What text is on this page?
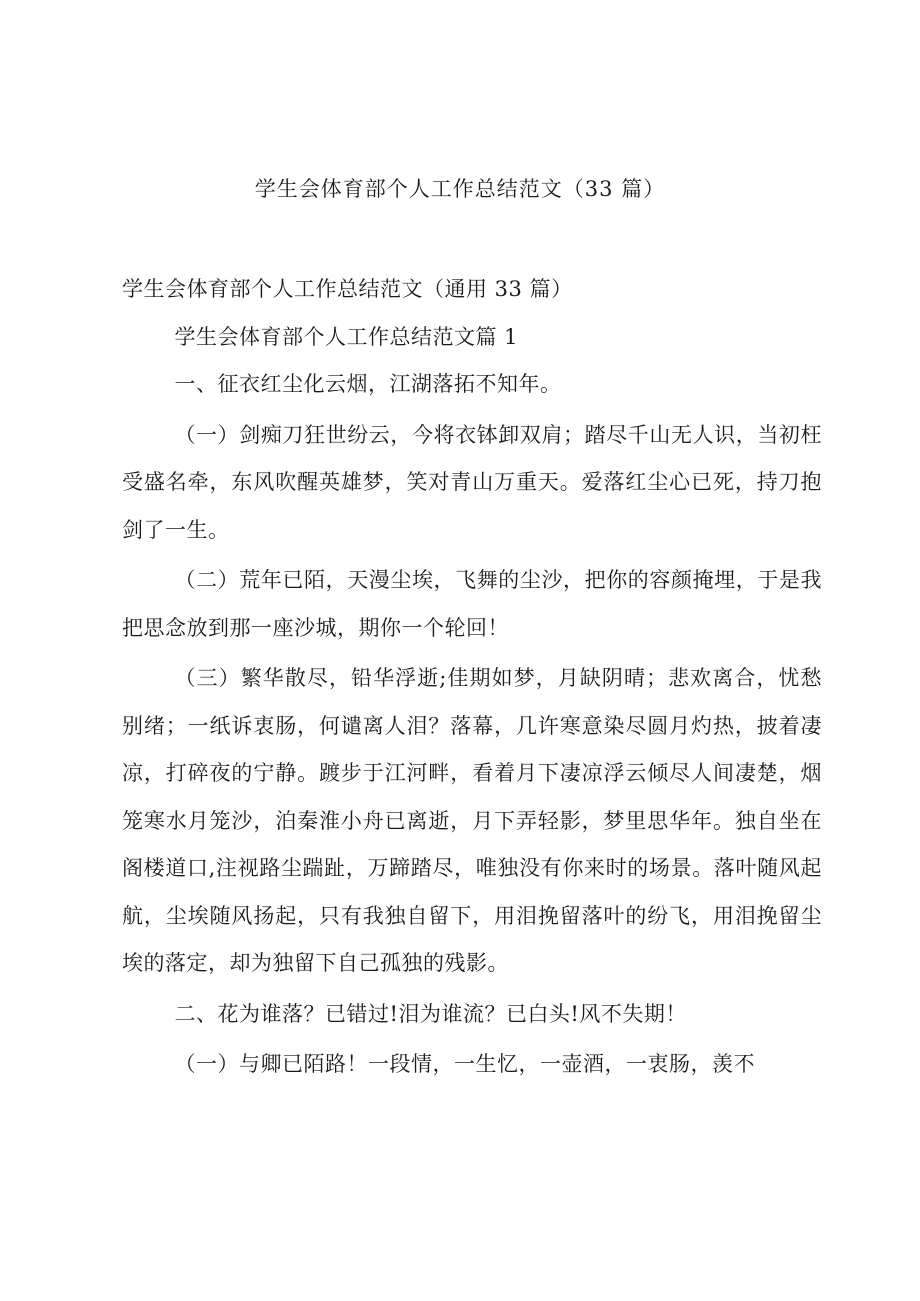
学生会体育部个人工作总结范文（33 篇）

学生会体育部个人工作总结范文（通用 33 篇）

学生会体育部个人工作总结范文篇 1

一、征衣红尘化云烟，江湖落拓不知年。

（一）剑痴刀狂世纷云，今将衣钵卸双肩；踏尽千山无人识，当初枉受盛名牵，东风吹醒英雄梦，笑对青山万重天。爱落红尘心已死，持刀抱剑了一生。

（二）荒年已陌，天漫尘埃，飞舞的尘沙，把你的容颜掩埋，于是我把思念放到那一座沙城，期你一个轮回！

（三）繁华散尽，铅华浮逝;佳期如梦，月缺阴晴；悲欢离合，忧愁别绪；一纸诉衷肠，何谴离人泪？落幕，几许寒意染尽圆月灼热，披着凄凉，打碎夜的宁静。踱步于江河畔，看着月下凄凉浮云倾尽人间凄楚，烟笼寒水月笼沙，泊秦淮小舟已离逝，月下弄轻影，梦里思华年。独自坐在阁楼道口,注视路尘踹趾，万蹄踏尽，唯独没有你来时的场景。落叶随风起航，尘埃随风扬起，只有我独自留下，用泪挽留落叶的纷飞，用泪挽留尘埃的落定，却为独留下自己孤独的残影。

二、花为谁落？已错过!泪为谁流？已白头!风不失期！

（一）与卿已陌路！一段情，一生忆，一壶酒，一衷肠，羡不
